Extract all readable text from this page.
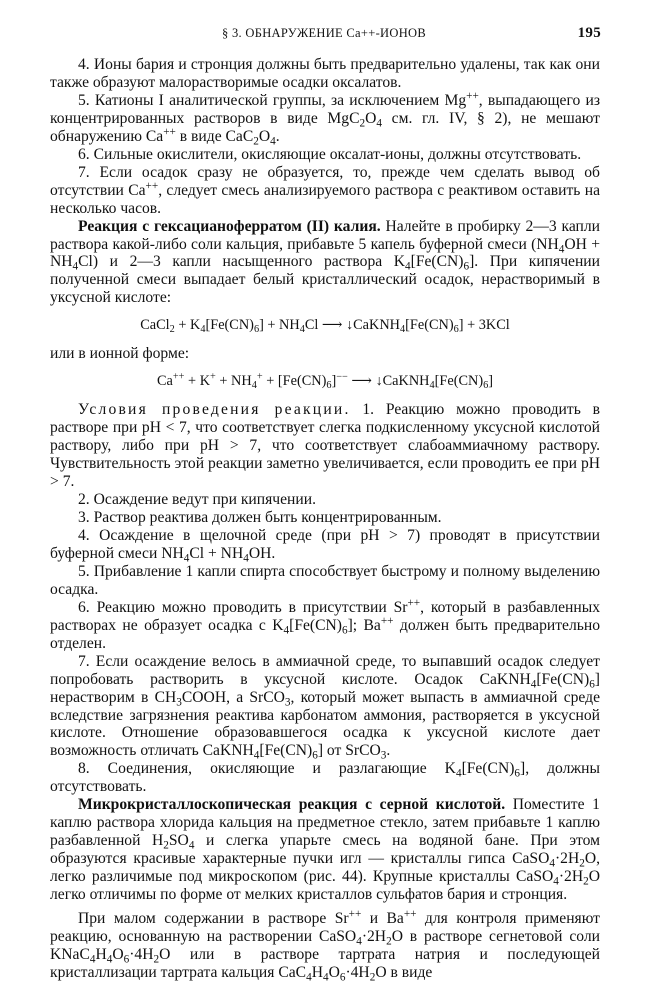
§ 3. ОБНАРУЖЕНИЕ Ca++-ИОНОВ	195

4. Ионы бария и стронция должны быть предварительно удалены, так как они также образуют малорастворимые осадки оксалатов.

5. Катионы I аналитической группы, за исключением Mg++, выпадающего из концентрированных растворов в виде $MgC_2O_4$ см. гл. IV, § 2), не мешают обнаружению Ca++ в виде $CaC_2O_4$.

6. Сильные окислители, окисляющие оксалат-ионы, должны отсутствовать.

7. Если осадок сразу не образуется, то, прежде чем сделать вывод об отсутствии Ca++, следует смесь анализируемого раствора с реактивом оставить на несколько часов.

Реакция с гексацианоферратом (II) калия. Налейте в пробирку 2—3 капли раствора какой-либо соли кальция, прибавьте 5 капель буферной смеси $(NH_4OH + NH_4Cl)$ и 2—3 капли насыщенного раствора $K_4[Fe(CN)_6]$. При кипячении полученной смеси выпадает белый кристаллический осадок, нерастворимый в уксусной кислоте:

CaCl$_2$ + $K_4[Fe(CN)_6] + NH_4Cl$ ⟶ $↓CaKNH_4[Fe(CN)_6] + 3KCl$

или в ионной форме:

$Ca^{++} + K^+ + NH_4^+ + [Fe(CN)_6]^{--}$ ⟶ $↓CaKNH_4[Fe(CN)_6]$

Условия проведения реакции. 1. Реакцию можно проводить в растворе при pH < 7, что соответствует слегка подкисленному уксусной кислотой раствору, либо при pH > 7, что соответствует слабоаммиачному раствору. Чувствительность этой реакции заметно увеличивается, если проводить ее при pH > 7.

2. Осаждение ведут при кипячении.

3. Раствор реактива должен быть концентрированным.

4. Осаждение в щелочной среде (при pH > 7) проводят в присутствии буферной смеси $NH_4Cl + NH_4OH$.

5. Прибавление 1 капли спирта способствует быстрому и полному выделению осадка.

6. Реакцию можно проводить в присутствии Sr++, который в разбавленных растворах не образует осадка с $K_4[Fe(CN)_6]$; Ba++ должен быть предварительно отделен.

7. Если осаждение велось в аммиачной среде, то выпавший осадок следует попробовать растворить в уксусной кислоте. Осадок $CaKNH_4[Fe(CN)_6]$ нерастворим в $CH_3COOH$, а SrCO$_3$, который может выпасть в аммиачной среде вследствие загрязнения реактива карбонатом аммония, растворяется в уксусной кислоте. Отношение образовавшегося осадка к уксусной кислоте дает возможность отличать $CaKNH_4[Fe(CN)_6]$ от SrCO$_3$.

8. Соединения, окисляющие и разлагающие $K_4[Fe(CN)_6]$, должны отсутствовать.

Микрокристаллоскопическая реакция с серной кислотой. Поместите 1 каплю раствора хлорида кальция на предметное стекло, затем прибавьте 1 каплю разбавленной $H_2SO_4$ и слегка упарьте смесь на водяной бане. При этом образуются красивые характерные пучки игл — кристаллы гипса $CaSO_4\cdot 2H_2O$, легко различимые под микроскопом (рис. 44). Крупные кристаллы $CaSO_4\cdot 2H_2O$ легко отличимы по форме от мелких кристаллов сульфатов бария и стронция.

При малом содержании в растворе Sr++ и Ba++ для контроля применяют реакцию, основанную на растворении $CaSO_4\cdot 2H_2O$ в растворе сегнетовой соли $KNaC_4H_4O_6\cdot 4H_2O$ или в растворе тартрата натрия и последующей кристаллизации тартрата кальция $CaC_4H_4O_6\cdot 4H_2O$ в виде
